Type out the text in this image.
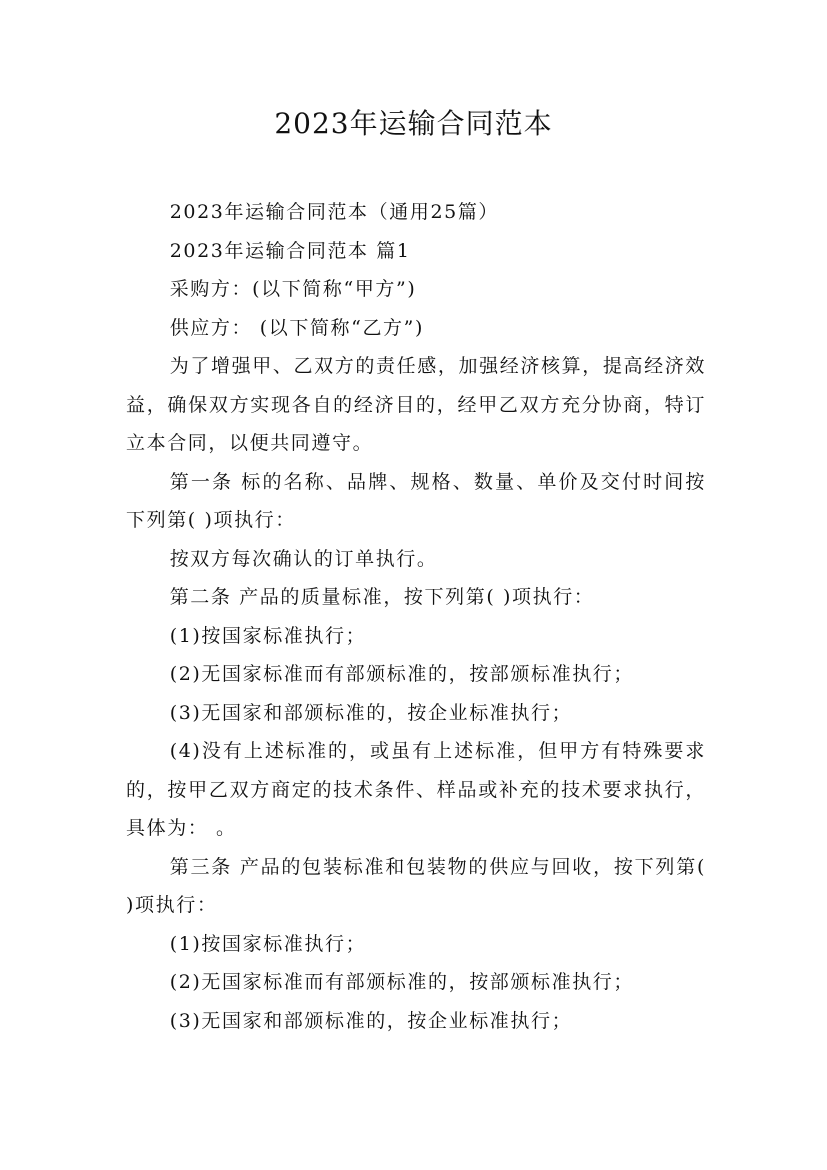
2023年运输合同范本

2023年运输合同范本（通用25篇）

2023年运输合同范本 篇1

采购方：(以下简称“甲方”)

供应方： (以下简称“乙方”)

为了增强甲、乙双方的责任感，加强经济核算，提高经济效益，确保双方实现各自的经济目的，经甲乙双方充分协商，特订立本合同，以便共同遵守。

第一条 标的名称、品牌、规格、数量、单价及交付时间按下列第( )项执行：

按双方每次确认的订单执行。

第二条 产品的质量标准，按下列第( )项执行：

(1)按国家标准执行；

(2)无国家标准而有部颁标准的，按部颁标准执行；

(3)无国家和部颁标准的，按企业标准执行；

(4)没有上述标准的，或虽有上述标准，但甲方有特殊要求的，按甲乙双方商定的技术条件、样品或补充的技术要求执行，具体为： 。

第三条 产品的包装标准和包装物的供应与回收，按下列第( )项执行：

(1)按国家标准执行；

(2)无国家标准而有部颁标准的，按部颁标准执行；

(3)无国家和部颁标准的，按企业标准执行；
